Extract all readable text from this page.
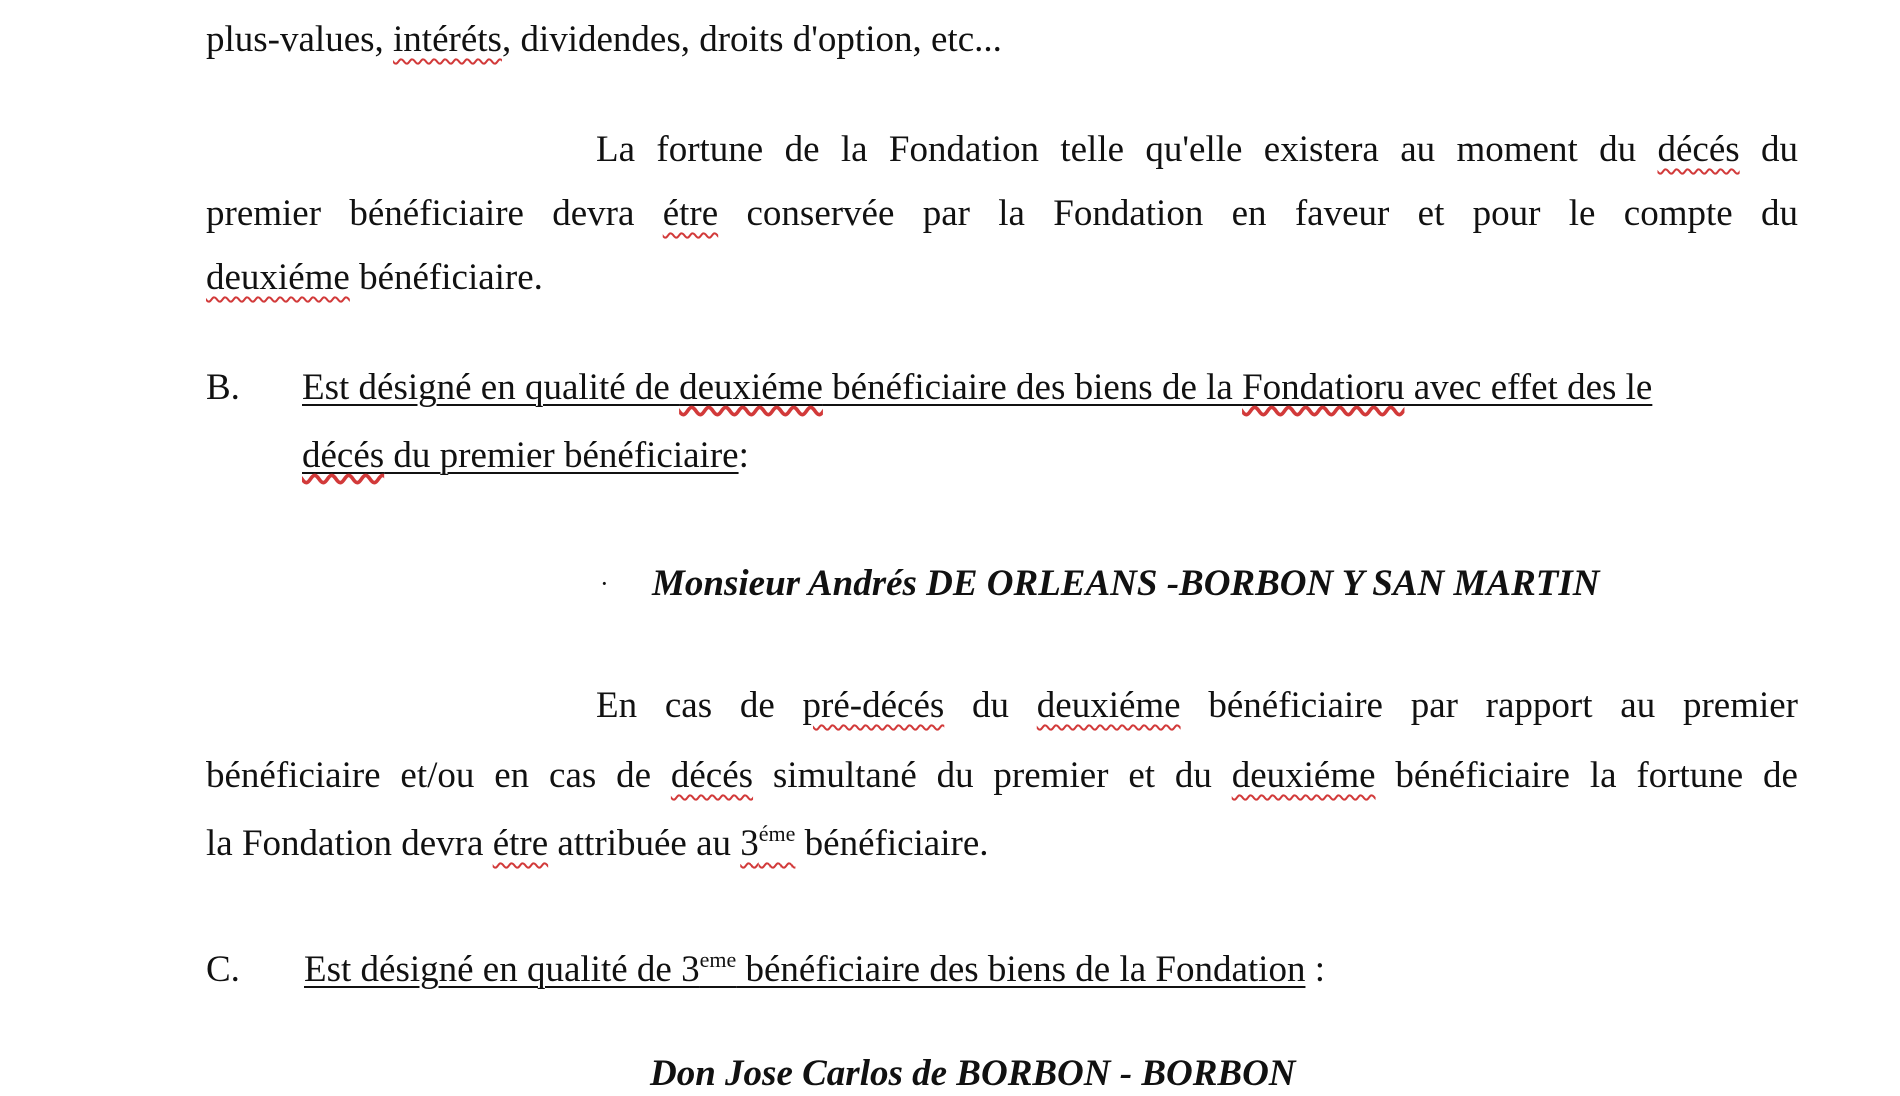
plus-values, intéréts, dividendes, droits d'option, etc...

La fortune de la Fondation telle qu'elle existera au moment du décés du

premier bénéficiaire devra étre conservée par la Fondation en faveur et pour le compte du

deuxiéme bénéficiaire.

B. Est désigné en qualité de deuxiéme bénéficiaire des biens de la Fondatioru avec effet des le

décés du premier bénéficiaire:

· Monsieur Andrés DE ORLEANS -BORBON Y SAN MARTIN

En cas de pré-décés du deuxiéme bénéficiaire par rapport au premier

bénéficiaire et/ou en cas de décés simultané du premier et du deuxiéme bénéficiaire la fortune de

la Fondation devra étre attribuée au $3^{éme}$ bénéficiaire.

C. Est désigné en qualité de 3eme bénéficiaire des biens de la Fondation :

Don Jose Carlos de BORBON - BORBON
